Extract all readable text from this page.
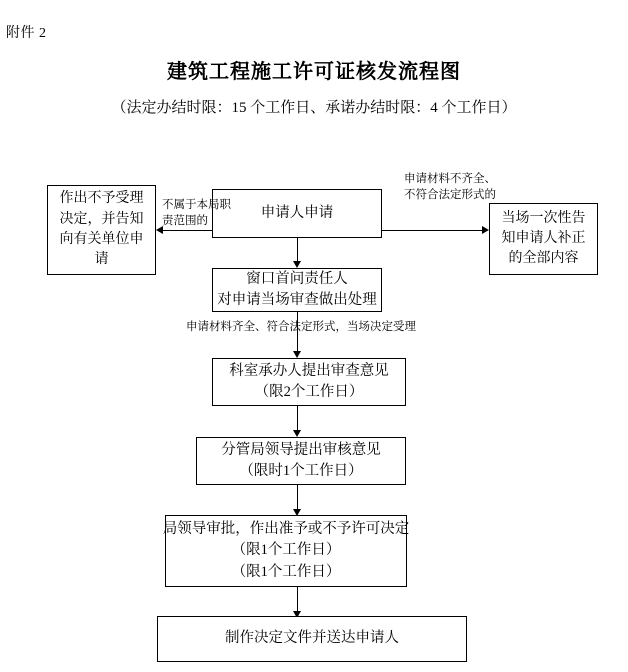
附件 2
建筑工程施工许可证核发流程图
（法定办结时限：15 个工作日、承诺办结时限：4 个工作日）
申请人申请
作出不予受理
决定，并告知
向有关单位申
请
当场一次性告
知申请人补正
的全部内容
不属于本局职
责范围的
申请材料不齐全、
不符合法定形式的
窗口首问责任人
对申请当场审查做出处理
申请材料齐全、符合法定形式，当场决定受理
科室承办人提出审查意见
（限2个工作日）
分管局领导提出审核意见
（限时1个工作日）
局领导审批，作出准予或不予许可决定
（限1个工作日）
（限1个工作日）
制作决定文件并送达申请人
